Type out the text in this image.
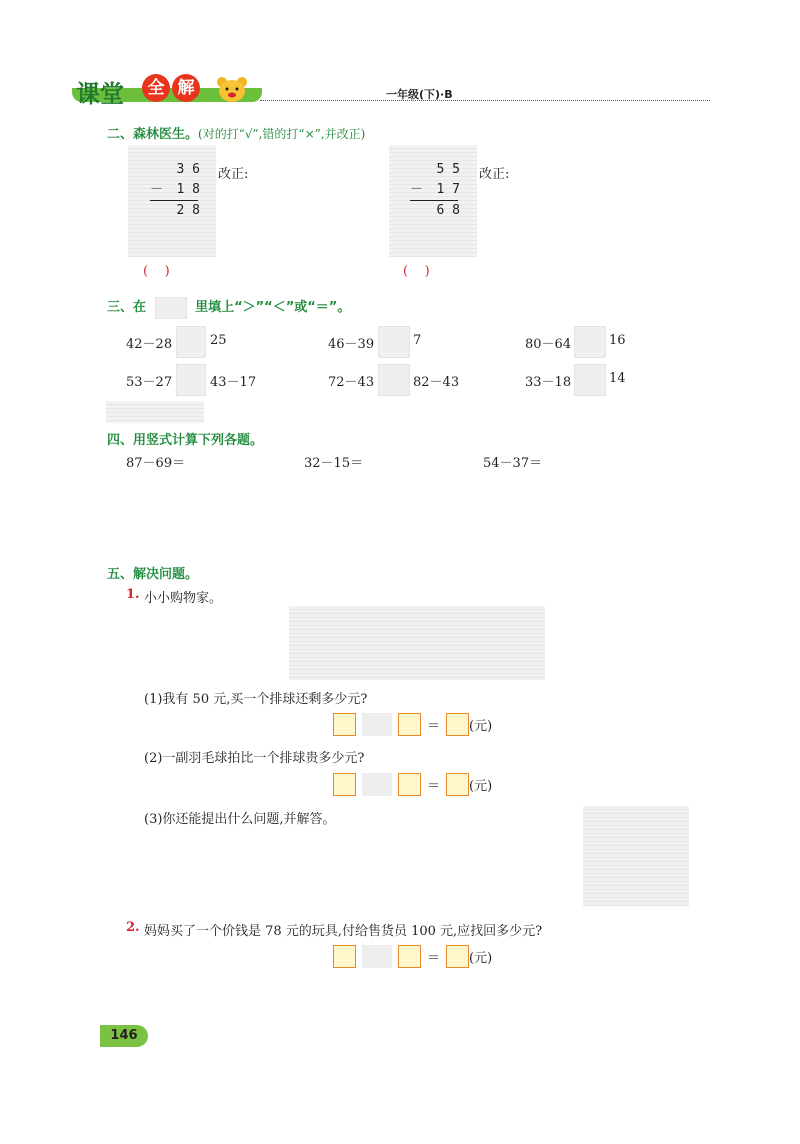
课堂	全 解	一年级(下)·B
二、森林医生。(对的打“√”,错的打“×”,并改正)
3 6
－ 1 8
2 8
改正:
(    )
5 5
－ 1 7
6 8
改正:
(    )
三、在	里填上“＞”“＜”或“＝”。
42－28	25	46－39	7	80－64	16
53－27	43－17	72－43	82－43	33－18	14
四、用竖式计算下列各题。
87－69＝	32－15＝	54－37＝
五、解决问题。
1. 小小购物家。
(1)我有 50 元,买一个排球还剩多少元?
＝ (元)
(2)一副羽毛球拍比一个排球贵多少元?
＝ (元)
(3)你还能提出什么问题,并解答。
2. 妈妈买了一个价钱是 78 元的玩具,付给售货员 100 元,应找回多少元?
＝ (元)
146
